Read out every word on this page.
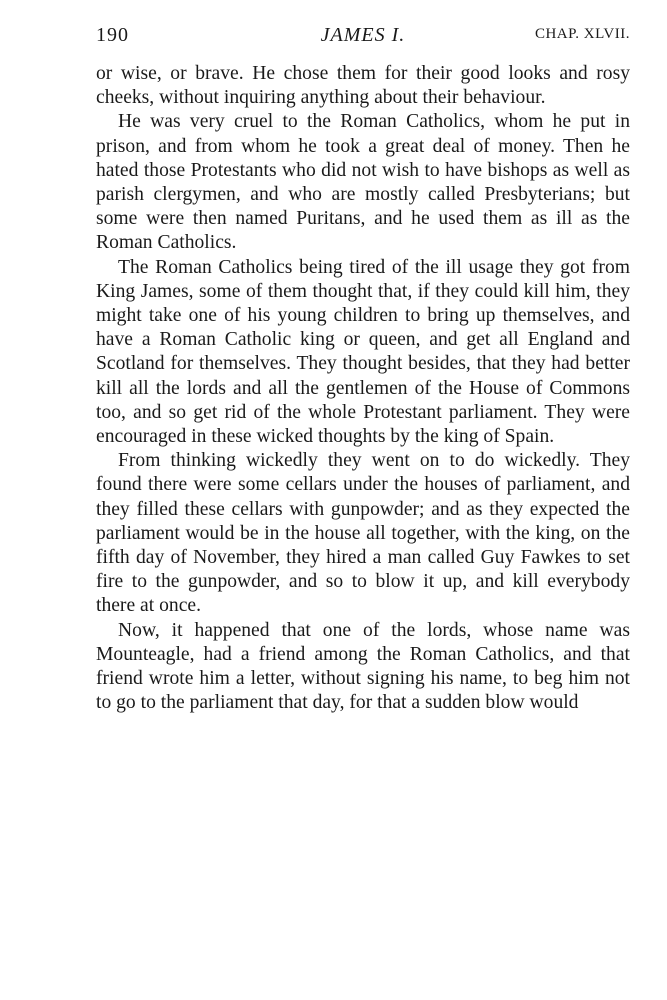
190	JAMES I.	CHAP. XLVII.

or wise, or brave. He chose them for their good looks and rosy cheeks, without inquiring anything about their behaviour.

He was very cruel to the Roman Catholics, whom he put in prison, and from whom he took a great deal of money. Then he hated those Protestants who did not wish to have bishops as well as parish clergymen, and who are mostly called Presbyterians; but some were then named Puritans, and he used them as ill as the Roman Catholics.

The Roman Catholics being tired of the ill usage they got from King James, some of them thought that, if they could kill him, they might take one of his young children to bring up themselves, and have a Roman Catholic king or queen, and get all England and Scotland for themselves. They thought besides, that they had better kill all the lords and all the gentlemen of the House of Commons too, and so get rid of the whole Protestant parliament. They were encouraged in these wicked thoughts by the king of Spain.

From thinking wickedly they went on to do wickedly. They found there were some cellars under the houses of parliament, and they filled these cellars with gunpowder; and as they expected the parliament would be in the house all together, with the king, on the fifth day of November, they hired a man called Guy Fawkes to set fire to the gunpowder, and so to blow it up, and kill everybody there at once.

Now, it happened that one of the lords, whose name was Mounteagle, had a friend among the Roman Catholics, and that friend wrote him a letter, without signing his name, to beg him not to go to the parliament that day, for that a sudden blow would
